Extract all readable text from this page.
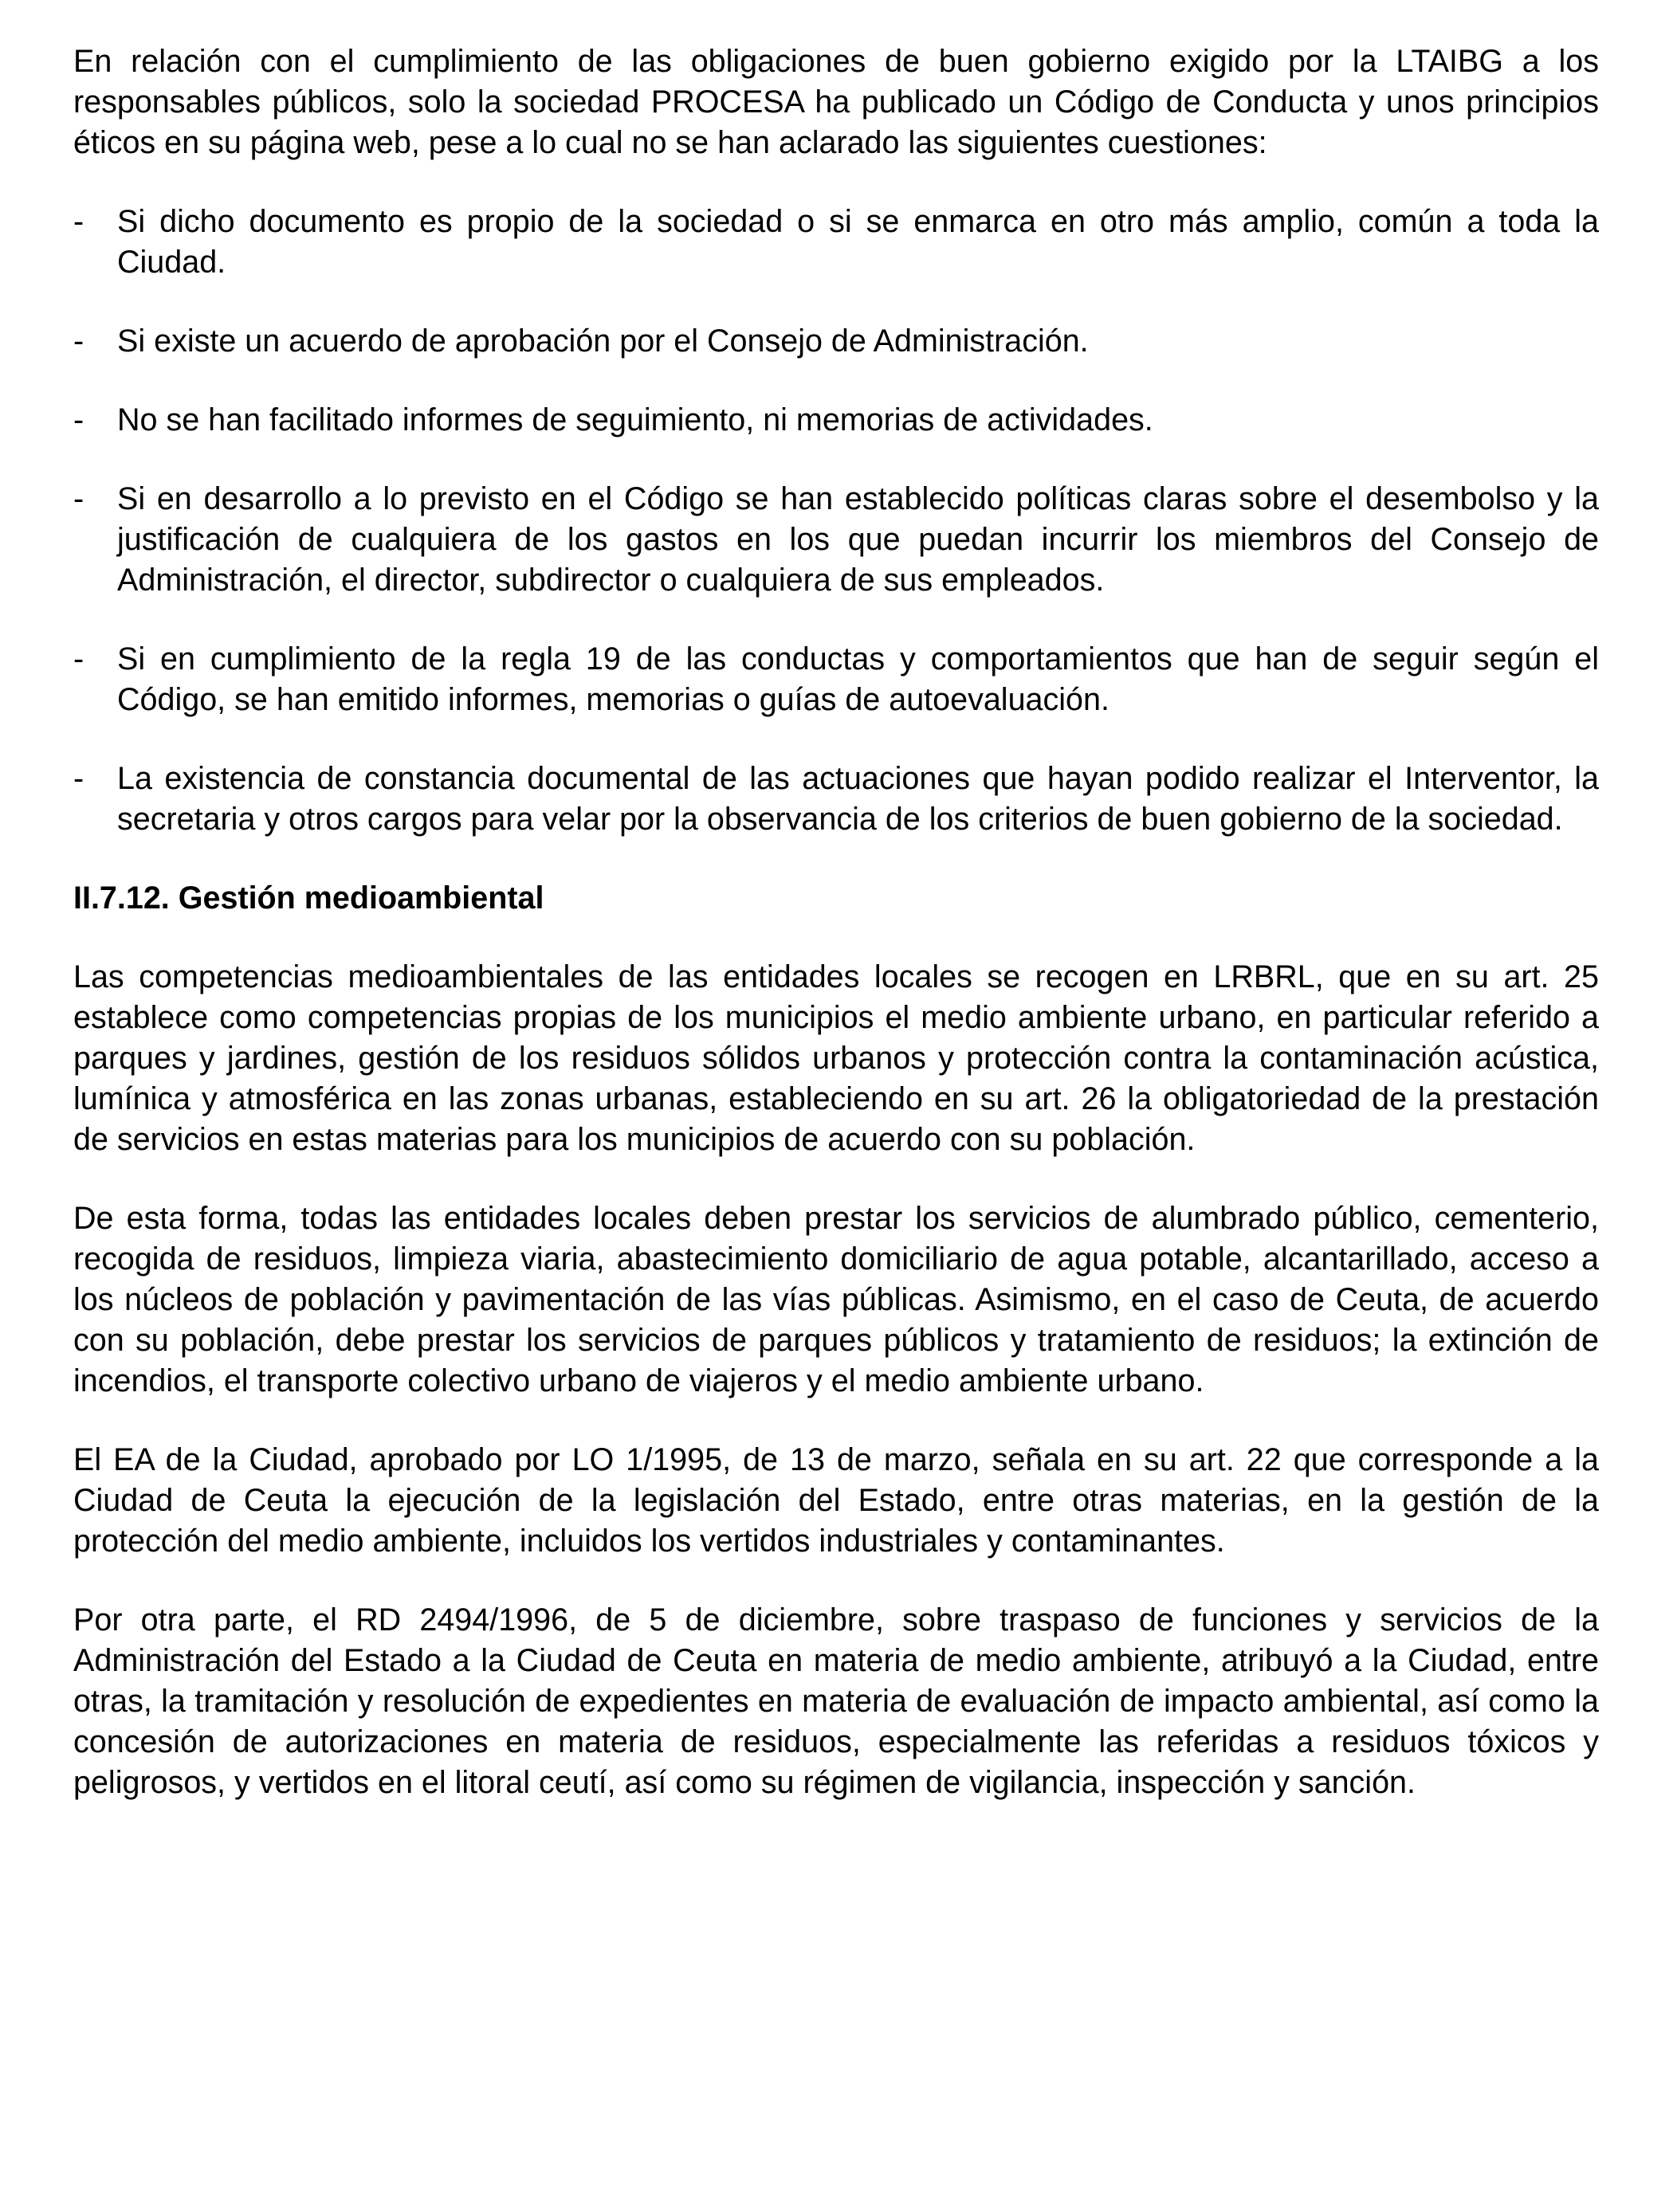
En relación con el cumplimiento de las obligaciones de buen gobierno exigido por la LTAIBG a los responsables públicos, solo la sociedad PROCESA ha publicado un Código de Conducta y unos principios éticos en su página web, pese a lo cual no se han aclarado las siguientes cuestiones:

-	Si dicho documento es propio de la sociedad o si se enmarca en otro más amplio, común a toda la Ciudad.
-	Si existe un acuerdo de aprobación por el Consejo de Administración.
-	No se han facilitado informes de seguimiento, ni memorias de actividades.
-	Si en desarrollo a lo previsto en el Código se han establecido políticas claras sobre el desembolso y la justificación de cualquiera de los gastos en los que puedan incurrir los miembros del Consejo de Administración, el director, subdirector o cualquiera de sus empleados.
-	Si en cumplimiento de la regla 19 de las conductas y comportamientos que han de seguir según el Código, se han emitido informes, memorias o guías de autoevaluación.
-	La existencia de constancia documental de las actuaciones que hayan podido realizar el Interventor, la secretaria y otros cargos para velar por la observancia de los criterios de buen gobierno de la sociedad.
II.7.12. Gestión medioambiental

Las competencias medioambientales de las entidades locales se recogen en LRBRL, que en su art. 25 establece como competencias propias de los municipios el medio ambiente urbano, en particular referido a parques y jardines, gestión de los residuos sólidos urbanos y protección contra la contaminación acústica, lumínica y atmosférica en las zonas urbanas, estableciendo en su art. 26 la obligatoriedad de la prestación de servicios en estas materias para los municipios de acuerdo con su población.

De esta forma, todas las entidades locales deben prestar los servicios de alumbrado público, cementerio, recogida de residuos, limpieza viaria, abastecimiento domiciliario de agua potable, alcantarillado, acceso a los núcleos de población y pavimentación de las vías públicas. Asimismo, en el caso de Ceuta, de acuerdo con su población, debe prestar los servicios de parques públicos y tratamiento de residuos; la extinción de incendios, el transporte colectivo urbano de viajeros y el medio ambiente urbano.

El EA de la Ciudad, aprobado por LO 1/1995, de 13 de marzo, señala en su art. 22 que corresponde a la Ciudad de Ceuta la ejecución de la legislación del Estado, entre otras materias, en la gestión de la protección del medio ambiente, incluidos los vertidos industriales y contaminantes.

Por otra parte, el RD 2494/1996, de 5 de diciembre, sobre traspaso de funciones y servicios de la Administración del Estado a la Ciudad de Ceuta en materia de medio ambiente, atribuyó a la Ciudad, entre otras, la tramitación y resolución de expedientes en materia de evaluación de impacto ambiental, así como la concesión de autorizaciones en materia de residuos, especialmente las referidas a residuos tóxicos y peligrosos, y vertidos en el litoral ceutí, así como su régimen de vigilancia, inspección y sanción.
